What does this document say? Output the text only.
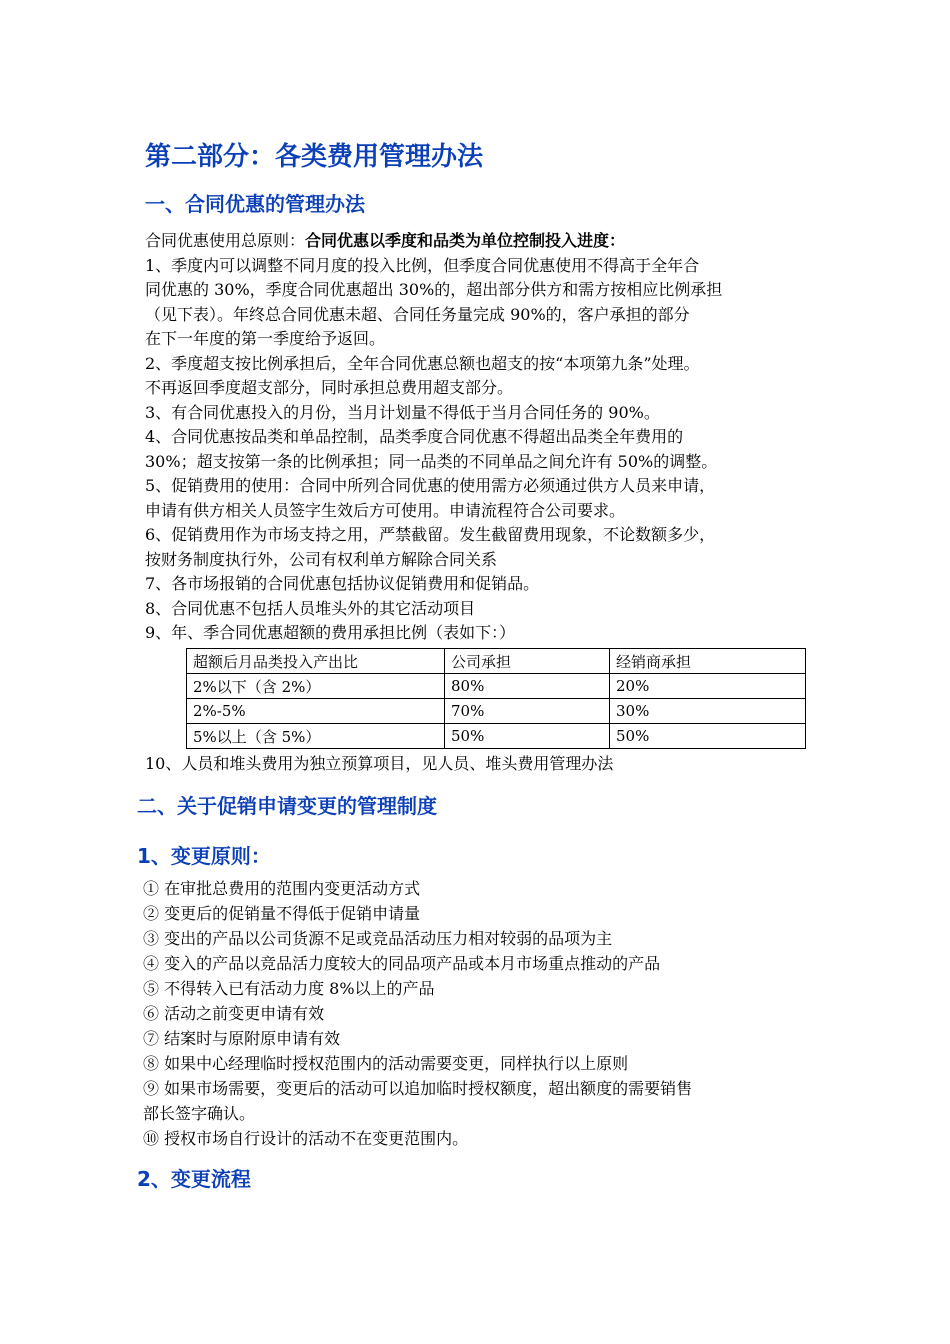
第二部分：各类费用管理办法
一、合同优惠的管理办法

合同优惠使用总原则：合同优惠以季度和品类为单位控制投入进度：

1、季度内可以调整不同月度的投入比例，但季度合同优惠使用不得高于全年合

同优惠的 30%，季度合同优惠超出 30%的，超出部分供方和需方按相应比例承担

（见下表）。年终总合同优惠未超、合同任务量完成 90%的，客户承担的部分

在下一年度的第一季度给予返回。

2、季度超支按比例承担后，全年合同优惠总额也超支的按“本项第九条”处理。

不再返回季度超支部分，同时承担总费用超支部分。

3、有合同优惠投入的月份，当月计划量不得低于当月合同任务的 90%。

4、合同优惠按品类和单品控制，品类季度合同优惠不得超出品类全年费用的

30%；超支按第一条的比例承担；同一品类的不同单品之间允许有 50%的调整。

5、促销费用的使用：合同中所列合同优惠的使用需方必须通过供方人员来申请，

申请有供方相关人员签字生效后方可使用。申请流程符合公司要求。

6、促销费用作为市场支持之用，严禁截留。发生截留费用现象，不论数额多少，

按财务制度执行外，公司有权利单方解除合同关系

7、各市场报销的合同优惠包括协议促销费用和促销品。

8、合同优惠不包括人员堆头外的其它活动项目

9、年、季合同优惠超额的费用承担比例（表如下：）

超额后月品类投入产出比	公司承担	经销商承担
2%以下（含 2%）	80%	20%
2%-5%	70%	30%
5%以上（含 5%）	50%	50%
10、人员和堆头费用为独立预算项目，见人员、堆头费用管理办法
二、关于促销申请变更的管理制度
1、变更原则：

① 在审批总费用的范围内变更活动方式

② 变更后的促销量不得低于促销申请量

③ 变出的产品以公司货源不足或竞品活动压力相对较弱的品项为主

④ 变入的产品以竞品活力度较大的同品项产品或本月市场重点推动的产品

⑤ 不得转入已有活动力度 8%以上的产品

⑥ 活动之前变更申请有效

⑦ 结案时与原附原申请有效

⑧ 如果中心经理临时授权范围内的活动需要变更，同样执行以上原则

⑨ 如果市场需要，变更后的活动可以追加临时授权额度，超出额度的需要销售

部长签字确认。

⑩ 授权市场自行设计的活动不在变更范围内。

2、变更流程
